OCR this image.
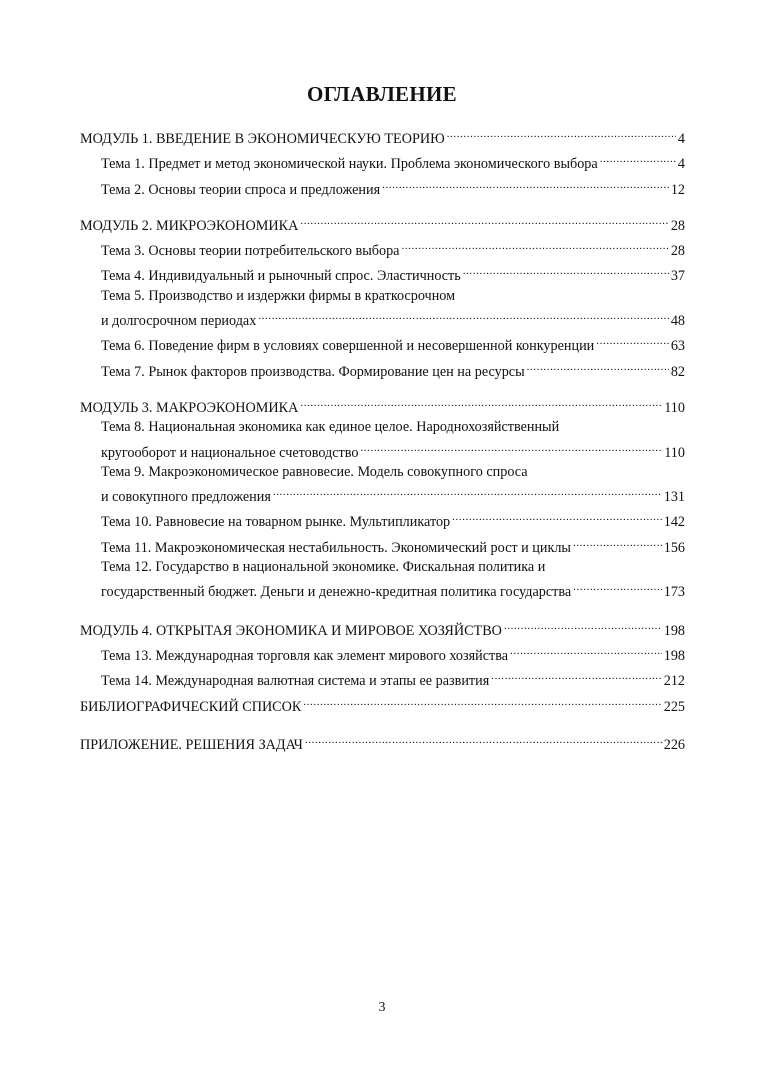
ОГЛАВЛЕНИЕ
МОДУЛЬ 1. ВВЕДЕНИЕ В ЭКОНОМИЧЕСКУЮ ТЕОРИЮ .....	4
Тема 1. Предмет и метод экономической науки. Проблема экономического выбора .....	4
Тема 2. Основы теории спроса и предложения .....	12
МОДУЛЬ 2. МИКРОЭКОНОМИКА .....	28
Тема 3. Основы теории потребительского выбора .....	28
Тема 4. Индивидуальный и рыночный спрос. Эластичность .....	37
Тема 5. Производство и издержки фирмы в краткосрочном
и долгосрочном периодах .....	48
Тема 6. Поведение фирм в условиях совершенной и несовершенной конкуренции .....	63
Тема 7. Рынок факторов производства. Формирование цен на ресурсы .....	82
МОДУЛЬ 3. МАКРОЭКОНОМИКА .....	110
Тема 8. Национальная экономика как единое целое. Народнохозяйственный
кругооборот и национальное счетоводство .....	110
Тема 9. Макроэкономическое равновесие. Модель совокупного спроса
и совокупного предложения .....	131
Тема 10. Равновесие на товарном рынке. Мультипликатор .....	142
Тема 11. Макроэкономическая нестабильность. Экономический рост и циклы .....	156
Тема 12. Государство в национальной экономике. Фискальная политика и
государственный бюджет. Деньги и денежно-кредитная политика государства .....	173
МОДУЛЬ 4. ОТКРЫТАЯ ЭКОНОМИКА И МИРОВОЕ ХОЗЯЙСТВО .....	198
Тема 13. Международная торговля как элемент мирового хозяйства .....	198
Тема 14. Международная валютная система и этапы ее развития .....	212
БИБЛИОГРАФИЧЕСКИЙ СПИСОК .....	225
ПРИЛОЖЕНИЕ. РЕШЕНИЯ ЗАДАЧ .....	226
3
